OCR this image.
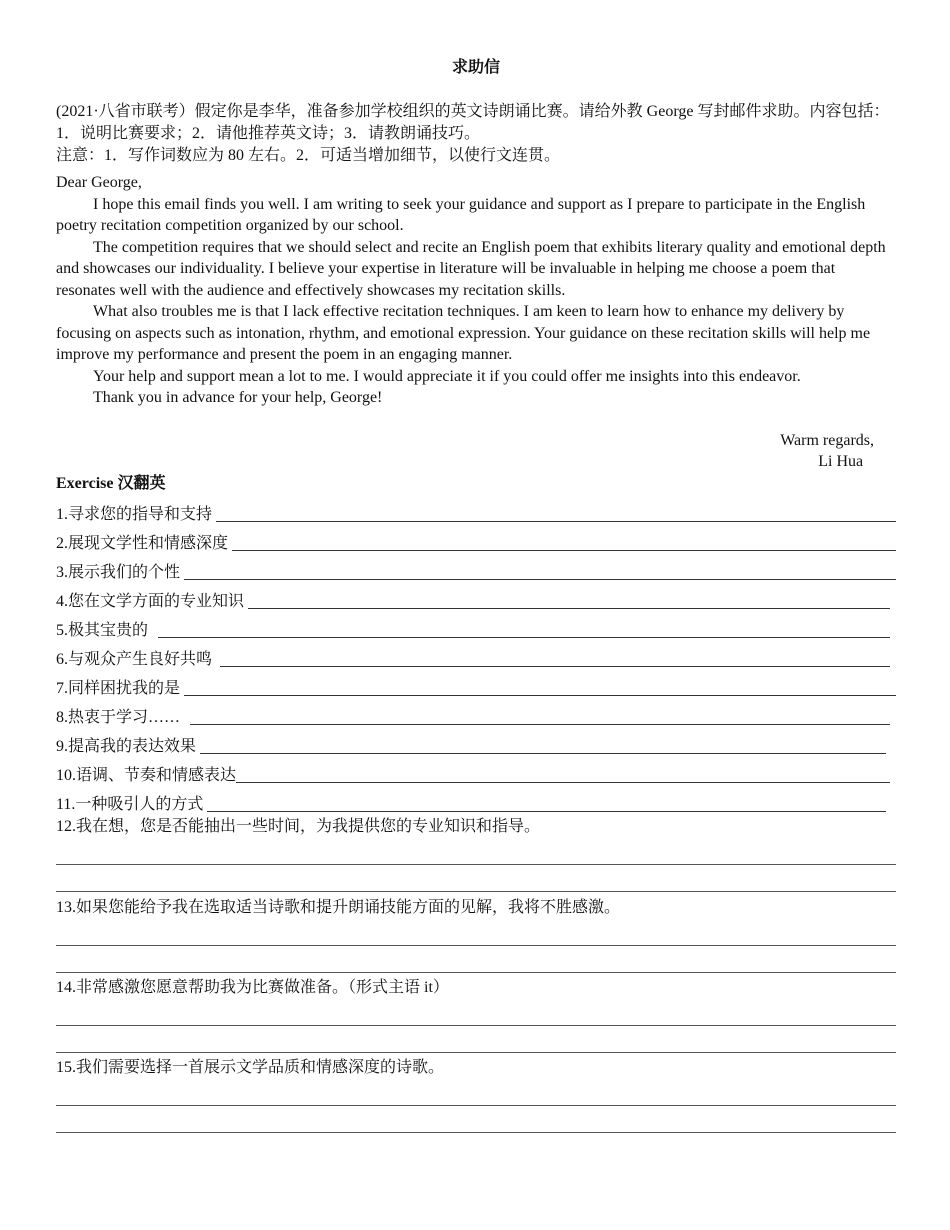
求助信

(2021·八省市联考）假定你是李华，准备参加学校组织的英文诗朗诵比赛。请给外教 George 写封邮件求助。内容包括：1．说明比赛要求；2．请他推荐英文诗；3．请教朗诵技巧。

注意：1．写作词数应为 80 左右。2．可适当增加细节，以使行文连贯。

Dear George,

I hope this email finds you well. I am writing to seek your guidance and support as I prepare to participate in the English poetry recitation competition organized by our school.

The competition requires that we should select and recite an English poem that exhibits literary quality and emotional depth and showcases our individuality. I believe your expertise in literature will be invaluable in helping me choose a poem that resonates well with the audience and effectively showcases my recitation skills.

What also troubles me is that I lack effective recitation techniques. I am keen to learn how to enhance my delivery by focusing on aspects such as intonation, rhythm, and emotional expression. Your guidance on these recitation skills will help me improve my performance and present the poem in an engaging manner.

Your help and support mean a lot to me. I would appreciate it if you could offer me insights into this endeavor.

Thank you in advance for your help, George!

Warm regards,
Li Hua
Exercise 汉翻英
1.寻求您的指导和支持
2.展现文学性和情感深度
3.展示我们的个性
4.您在文学方面的专业知识
5.极其宝贵的
6.与观众产生良好共鸣
7.同样困扰我的是
8.热衷于学习……
9.提高我的表达效果
10.语调、节奏和情感表达
11.一种吸引人的方式
12.我在想，您是否能抽出一些时间，为我提供您的专业知识和指导。
13.如果您能给予我在选取适当诗歌和提升朗诵技能方面的见解，我将不胜感激。
14.非常感激您愿意帮助我为比赛做准备。（形式主语 it）
15.我们需要选择一首展示文学品质和情感深度的诗歌。
